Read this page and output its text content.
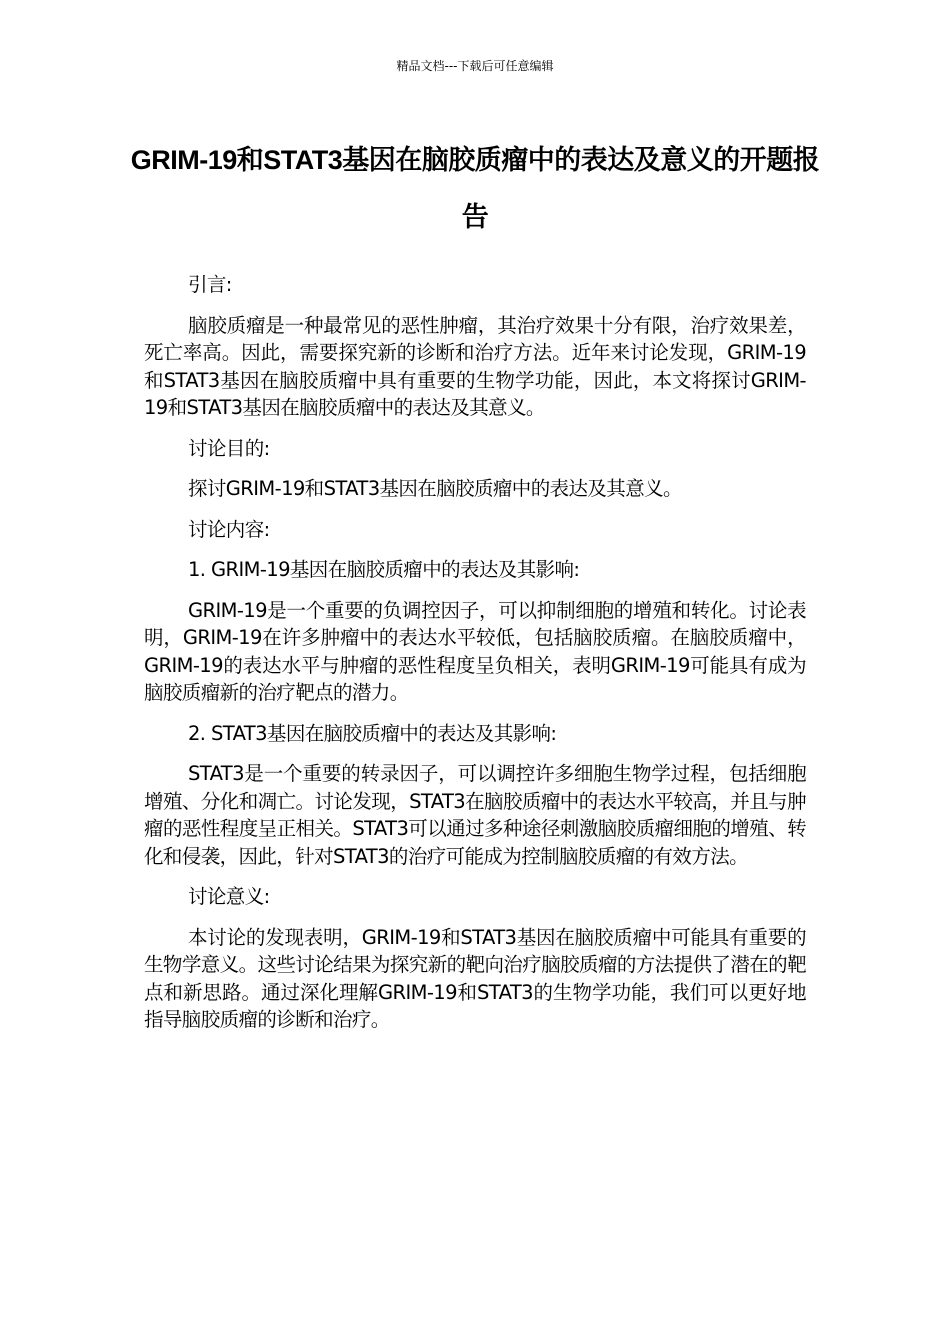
精品文档---下载后可任意编辑
GRIM-19和STAT3基因在脑胶质瘤中的表达及意义的开题报告

引言:

脑胶质瘤是一种最常见的恶性肿瘤，其治疗效果十分有限，治疗效果差，死亡率高。因此，需要探究新的诊断和治疗方法。近年来讨论发现，GRIM-19和STAT3基因在脑胶质瘤中具有重要的生物学功能，因此，本文将探讨GRIM-19和STAT3基因在脑胶质瘤中的表达及其意义。

讨论目的:

探讨GRIM-19和STAT3基因在脑胶质瘤中的表达及其意义。

讨论内容:

1. GRIM-19基因在脑胶质瘤中的表达及其影响:

GRIM-19是一个重要的负调控因子，可以抑制细胞的增殖和转化。讨论表明，GRIM-19在许多肿瘤中的表达水平较低，包括脑胶质瘤。在脑胶质瘤中，GRIM-19的表达水平与肿瘤的恶性程度呈负相关，表明GRIM-19可能具有成为脑胶质瘤新的治疗靶点的潜力。

2. STAT3基因在脑胶质瘤中的表达及其影响:

STAT3是一个重要的转录因子，可以调控许多细胞生物学过程，包括细胞增殖、分化和凋亡。讨论发现，STAT3在脑胶质瘤中的表达水平较高，并且与肿瘤的恶性程度呈正相关。STAT3可以通过多种途径刺激脑胶质瘤细胞的增殖、转化和侵袭，因此，针对STAT3的治疗可能成为控制脑胶质瘤的有效方法。

讨论意义:

本讨论的发现表明，GRIM-19和STAT3基因在脑胶质瘤中可能具有重要的生物学意义。这些讨论结果为探究新的靶向治疗脑胶质瘤的方法提供了潜在的靶点和新思路。通过深化理解GRIM-19和STAT3的生物学功能，我们可以更好地指导脑胶质瘤的诊断和治疗。
